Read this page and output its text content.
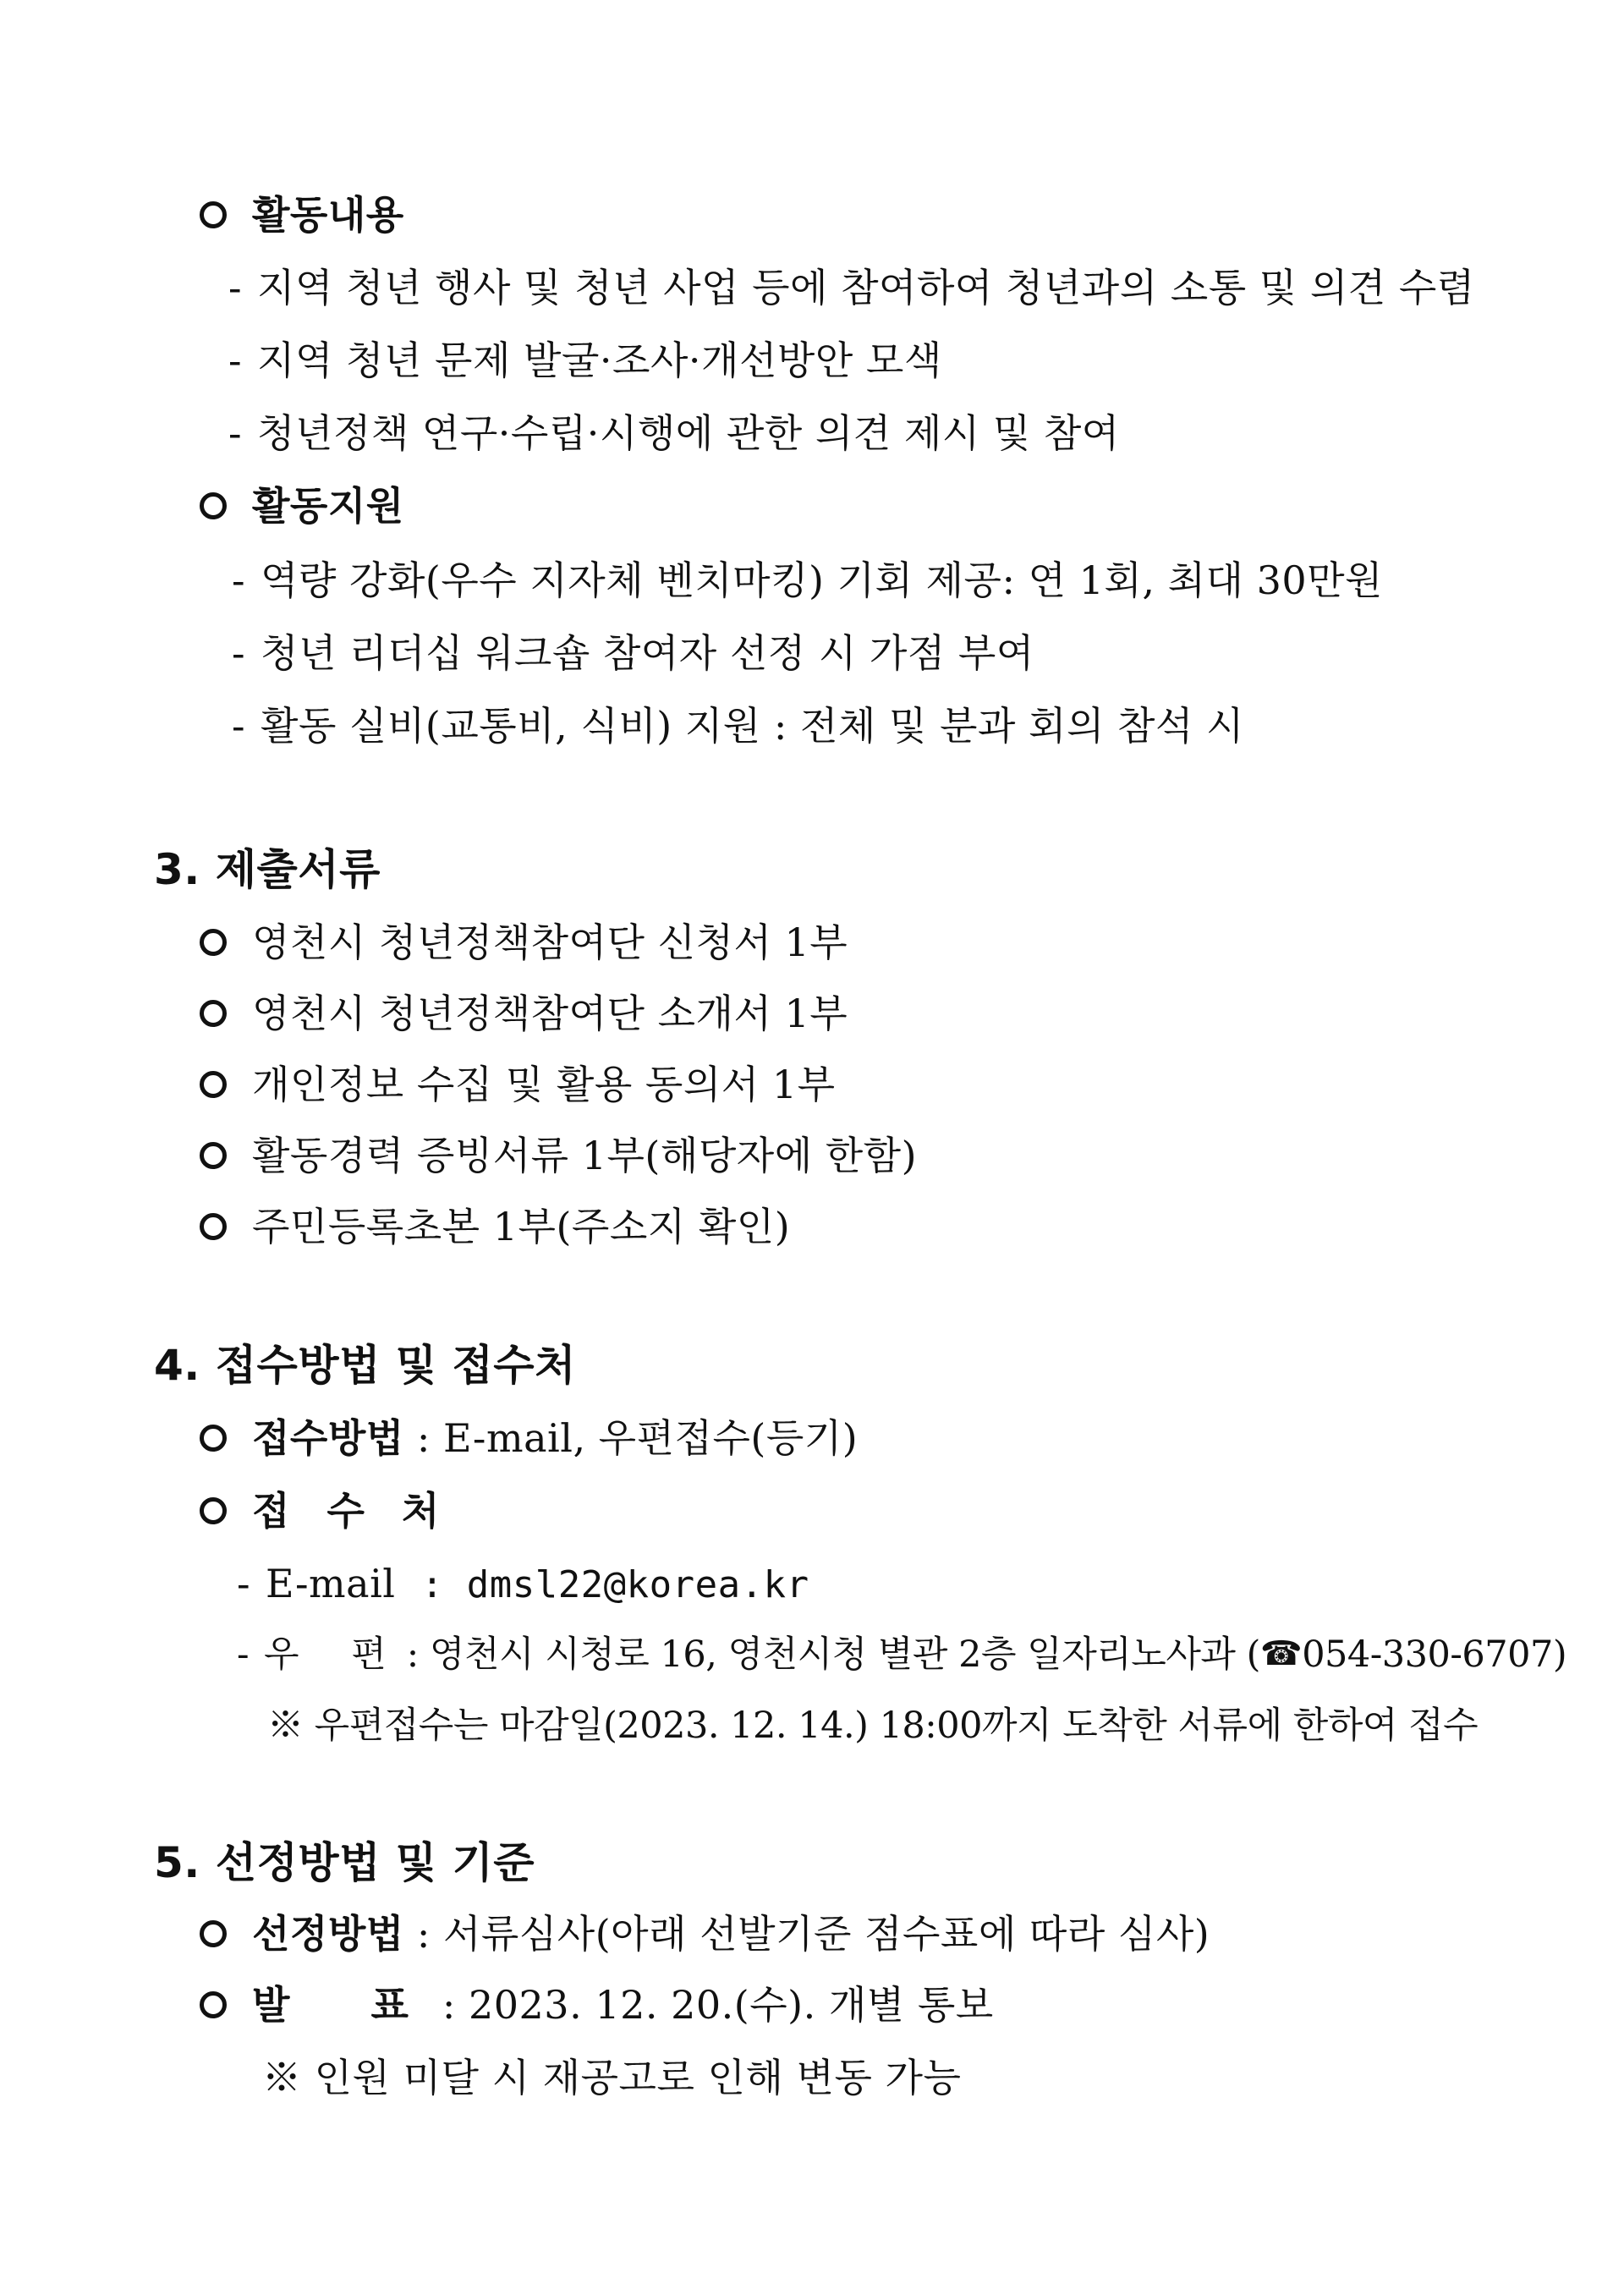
활동내용
- 지역 청년 행사 및 청년 사업 등에 참여하여 청년과의 소통 및 의견 수렴
- 지역 청년 문제 발굴·조사·개선방안 모색
- 청년정책 연구·수립·시행에 관한 의견 제시 및 참여
활동지원
- 역량 강화(우수 지자체 벤치마킹) 기회 제공: 연 1회, 최대 30만원
- 청년 리더십 워크숍 참여자 선정 시 가점 부여
- 활동 실비(교통비, 식비) 지원 : 전체 및 분과 회의 참석 시
3. 제출서류
영천시 청년정책참여단 신청서 1부
영천시 청년정책참여단 소개서 1부
개인정보 수집 및 활용 동의서 1부
활동경력 증빙서류 1부(해당자에 한함)
주민등록초본 1부(주소지 확인)
4. 접수방법 및 접수처
접수방법 : E-mail, 우편접수(등기)
접 수 처
- E-mail : dmsl22@korea.kr
- 우 편: 영천시 시청로 16, 영천시청 별관 2층 일자리노사과 (☎054-330-6707)
※ 우편접수는 마감일(2023. 12. 14.) 18:00까지 도착한 서류에 한하여 접수
5. 선정방법 및 기준
선정방법 : 서류심사(아래 선발기준 점수표에 따라 심사)
발 표: 2023. 12. 20.(수). 개별 통보
※ 인원 미달 시 재공고로 인해 변동 가능
